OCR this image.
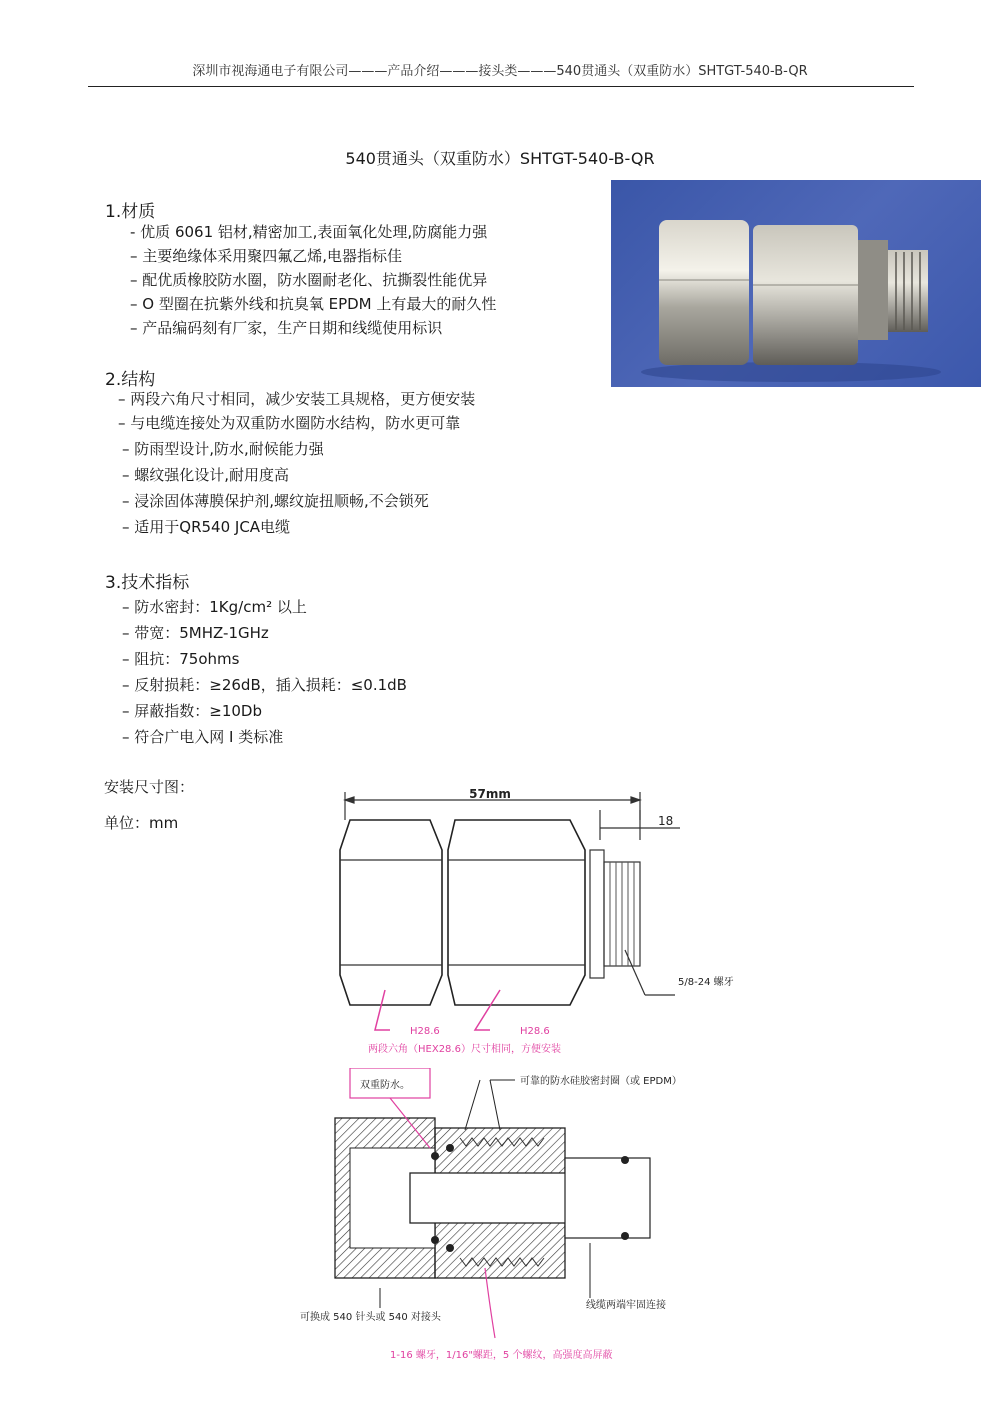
深圳市视海通电子有限公司———产品介绍———接头类———540贯通头（双重防水）SHTGT-540-B-QR
540贯通头（双重防水）SHTGT-540-B-QR
1.材质
- 优质 6061 铝材,精密加工,表面氧化处理,防腐能力强
– 主要绝缘体采用聚四氟乙烯,电器指标佳
– 配优质橡胶防水圈，防水圈耐老化、抗撕裂性能优异
– O 型圈在抗紫外线和抗臭氧 EPDM 上有最大的耐久性
– 产品编码刻有厂家，生产日期和线缆使用标识
2.结构
– 两段六角尺寸相同，减少安装工具规格，更方便安装
– 与电缆连接处为双重防水圈防水结构，防水更可靠
– 防雨型设计,防水,耐候能力强
– 螺纹强化设计,耐用度高
– 浸涂固体薄膜保护剂,螺纹旋扭顺畅,不会锁死
– 适用于QR540 JCA电缆
3.技术指标
– 防水密封：1Kg/cm² 以上
– 带宽：5MHZ-1GHz
– 阻抗：75ohms
– 反射损耗：≥26dB，插入损耗：≤0.1dB
– 屏蔽指数：≥10Db
– 符合广电入网 I 类标准
安装尺寸图：
单位：mm
57mm
18
5/8-24 螺牙
H28.6	H28.6
两段六角（HEX28.6）尺寸相同，方便安装
可靠的防水硅胶密封圈（或 EPDM）
双重防水。
可换成 540 针头或 540 对接头
线缆两端牢固连接
1-16 螺牙，1/16"螺距，5 个螺纹，高强度高屏蔽
